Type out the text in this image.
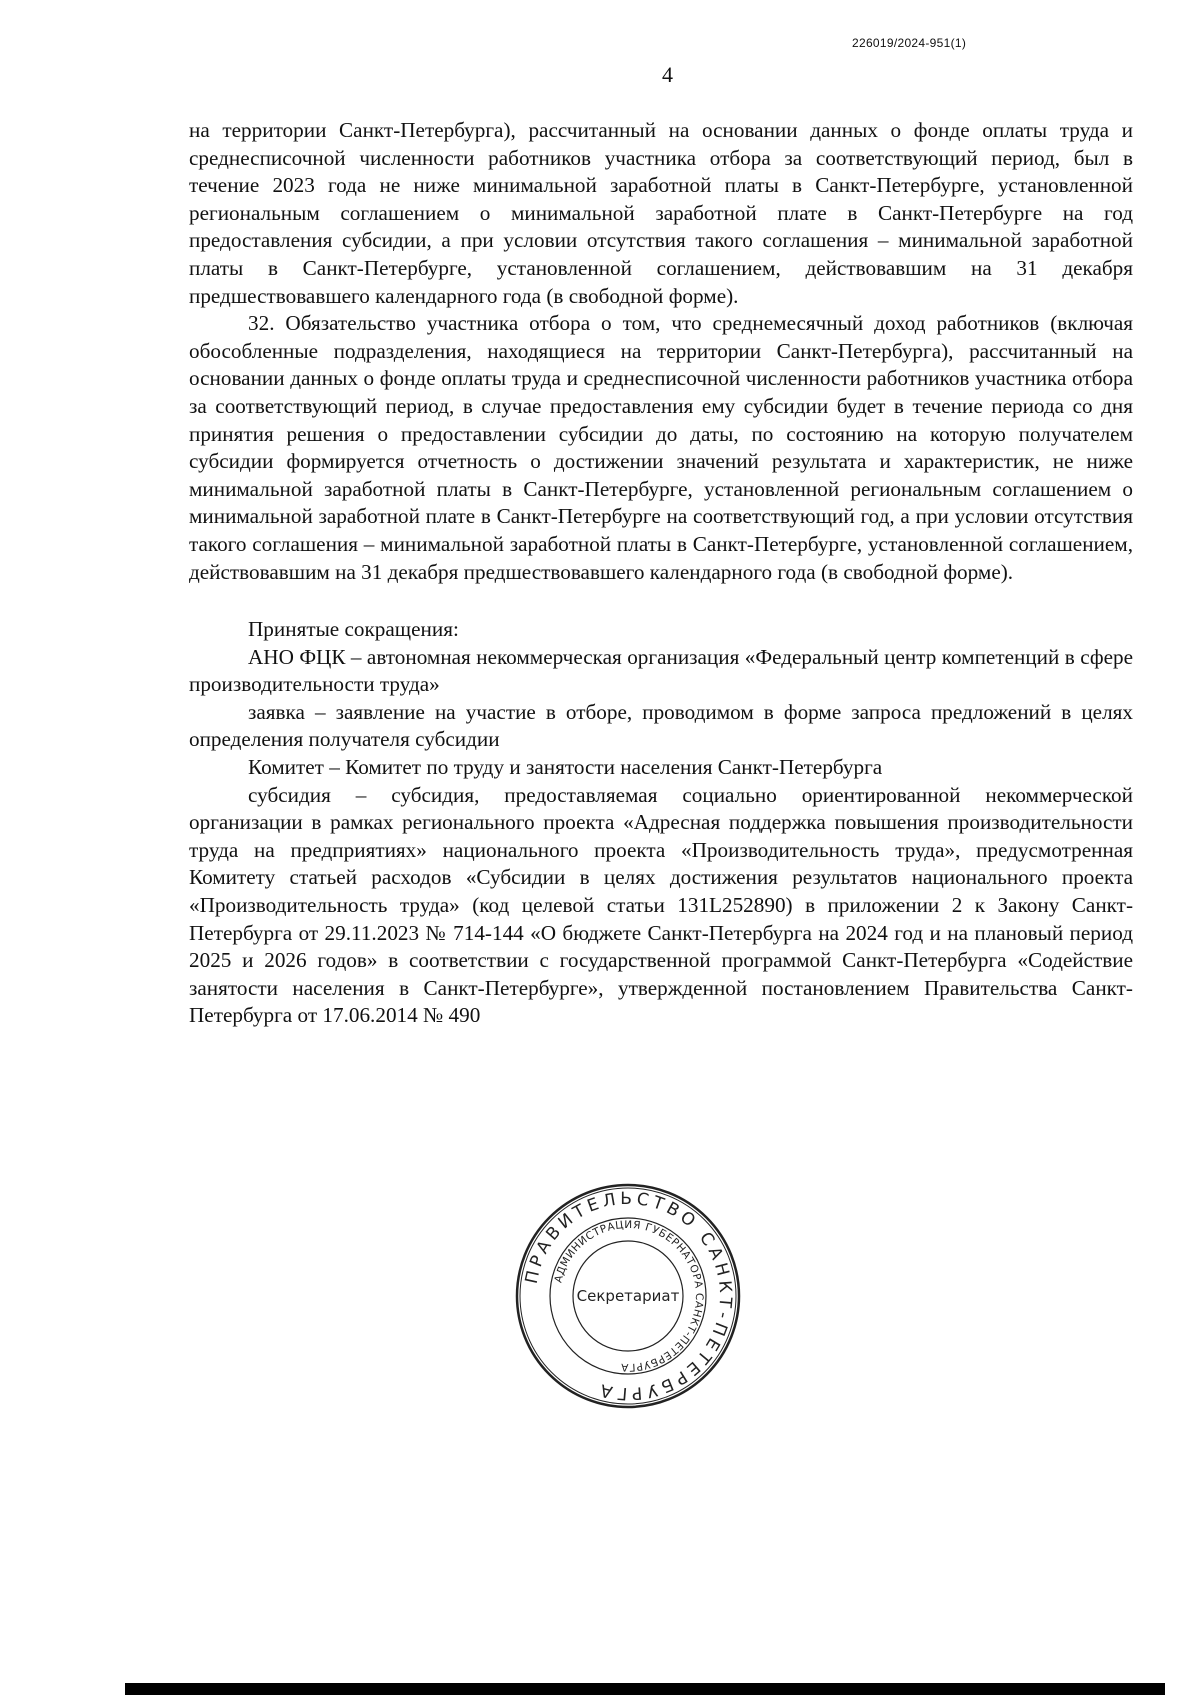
226019/2024-951(1)
4

на территории Санкт-Петербурга), рассчитанный на основании данных о фонде оплаты труда и среднесписочной численности работников участника отбора за соответствующий период, был в течение 2023 года не ниже минимальной заработной платы в Санкт-Петербурге, установленной региональным соглашением о минимальной заработной плате в Санкт-Петербурге на год предоставления субсидии, а при условии отсутствия такого соглашения – минимальной заработной платы в Санкт-Петербурге, установленной соглашением, действовавшим на 31 декабря предшествовавшего календарного года (в свободной форме).

32. Обязательство участника отбора о том, что среднемесячный доход работников (включая обособленные подразделения, находящиеся на территории Санкт-Петербурга), рассчитанный на основании данных о фонде оплаты труда и среднесписочной численности работников участника отбора за соответствующий период, в случае предоставления ему субсидии будет в течение периода со дня принятия решения о предоставлении субсидии до даты, по состоянию на которую получателем субсидии формируется отчетность о достижении значений результата и характеристик, не ниже минимальной заработной платы в Санкт-Петербурге, установленной региональным соглашением о минимальной заработной плате в Санкт-Петербурге на соответствующий год, а при условии отсутствия такого соглашения – минимальной заработной платы в Санкт-Петербурге, установленной соглашением, действовавшим на 31 декабря предшествовавшего календарного года (в свободной форме).

Принятые сокращения:

АНО ФЦК – автономная некоммерческая организация «Федеральный центр компетенций в сфере производительности труда»

заявка – заявление на участие в отборе, проводимом в форме запроса предложений в целях определения получателя субсидии

Комитет – Комитет по труду и занятости населения Санкт-Петербурга

субсидия – субсидия, предоставляемая социально ориентированной некоммерческой организации в рамках регионального проекта «Адресная поддержка повышения производительности труда на предприятиях» национального проекта «Производительность труда», предусмотренная Комитету статьей расходов «Субсидии в целях достижения результатов национального проекта «Производительность труда» (код целевой статьи 131L252890) в приложении 2 к Закону Санкт-Петербурга от 29.11.2023 № 714-144 «О бюджете Санкт-Петербурга на 2024 год и на плановый период 2025 и 2026 годов» в соответствии с государственной программой Санкт-Петербурга «Содействие занятости населения в Санкт-Петербурге», утвержденной постановлением Правительства Санкт-Петербурга от 17.06.2014 № 490

ПРАВИТЕЛЬСТВО САНКТ-ПЕТЕРБУРГА
АДМИНИСТРАЦИЯ ГУБЕРНАТОРА САНКТ-ПЕТЕРБУРГА
Секретариат
